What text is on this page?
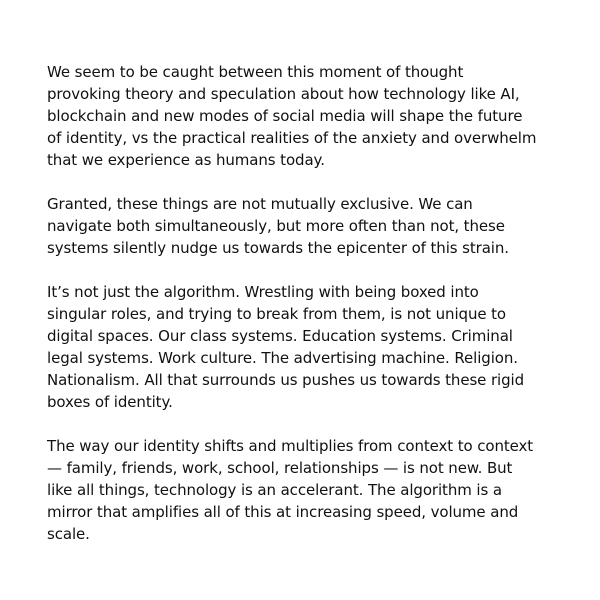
We seem to be caught between this moment of thought
provoking theory and speculation about how technology like AI,
blockchain and new modes of social media will shape the future
of identity, vs the practical realities of the anxiety and overwhelm
that we experience as humans today.

Granted, these things are not mutually exclusive. We can
navigate both simultaneously, but more often than not, these
systems silently nudge us towards the epicenter of this strain.

It’s not just the algorithm. Wrestling with being boxed into
singular roles, and trying to break from them, is not unique to
digital spaces. Our class systems. Education systems. Criminal
legal systems. Work culture. The advertising machine. Religion.
Nationalism. All that surrounds us pushes us towards these rigid
boxes of identity.

The way our identity shifts and multiplies from context to context
— family, friends, work, school, relationships — is not new. But
like all things, technology is an accelerant. The algorithm is a
mirror that amplifies all of this at increasing speed, volume and
scale.
